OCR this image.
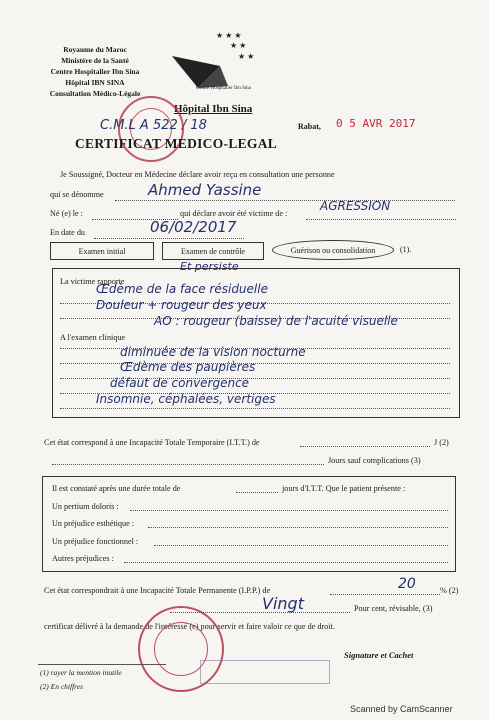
Royaume du Maroc
Ministère de la Santé
Centre Hospitalier Ibn Sina
Hôpital IBN SINA
Consultation Médico-Légale
★ ★ ★
★ ★
★ ★
Centre Hospitalier Ibn Sina
Hôpital Ibn Sina
C.M.L A 522 / 18	Rabat, 0 5 AVR 2017
CERTIFICAT MEDICO-LEGAL
Je Soussigné, Docteur en Médecine déclare avoir reçu en consultation une personne
qui se dénomme	Ahmed Yassine
Né (e) le :	qui déclare avoir été victime de :
AGRESSION
En date du	06/02/2017
Examen initial	Examen de contrôle	Guérison ou consolidation	(1).
La victime rapporte
Et persiste
A l'examen clinique
Œdème de la face résiduelle
Douleur + rougeur des yeux
AO : rougeur (baisse) de l'acuité visuelle
diminuée de la vision nocturne
Œdème des paupières
défaut de convergence
Insomnie, céphalées, vertiges
Cet état correspond à une Incapacité Totale Temporaire (I.T.T.) de	J (2)
Jours sauf complications (3)
Il est constaté après une durée totale de	jours d'I.T.T. Que le patient présente :
Un pertium doloris :
Un préjudice esthétique :
Un préjudice fonctionnel :
Autres préjudices :
Cet état correspondrait à une Incapacité Totale Permanente (I.P.P.) de	20	% (2)
Vingt	Pour cent, révisable, (3)
certificat délivré à la demande de l'intéressé (e) pour servir et faire valoir ce que de droit.
Signature et Cachet
(1) rayer la mention inutile
(2) En chiffres
Scanned by CamScanner
